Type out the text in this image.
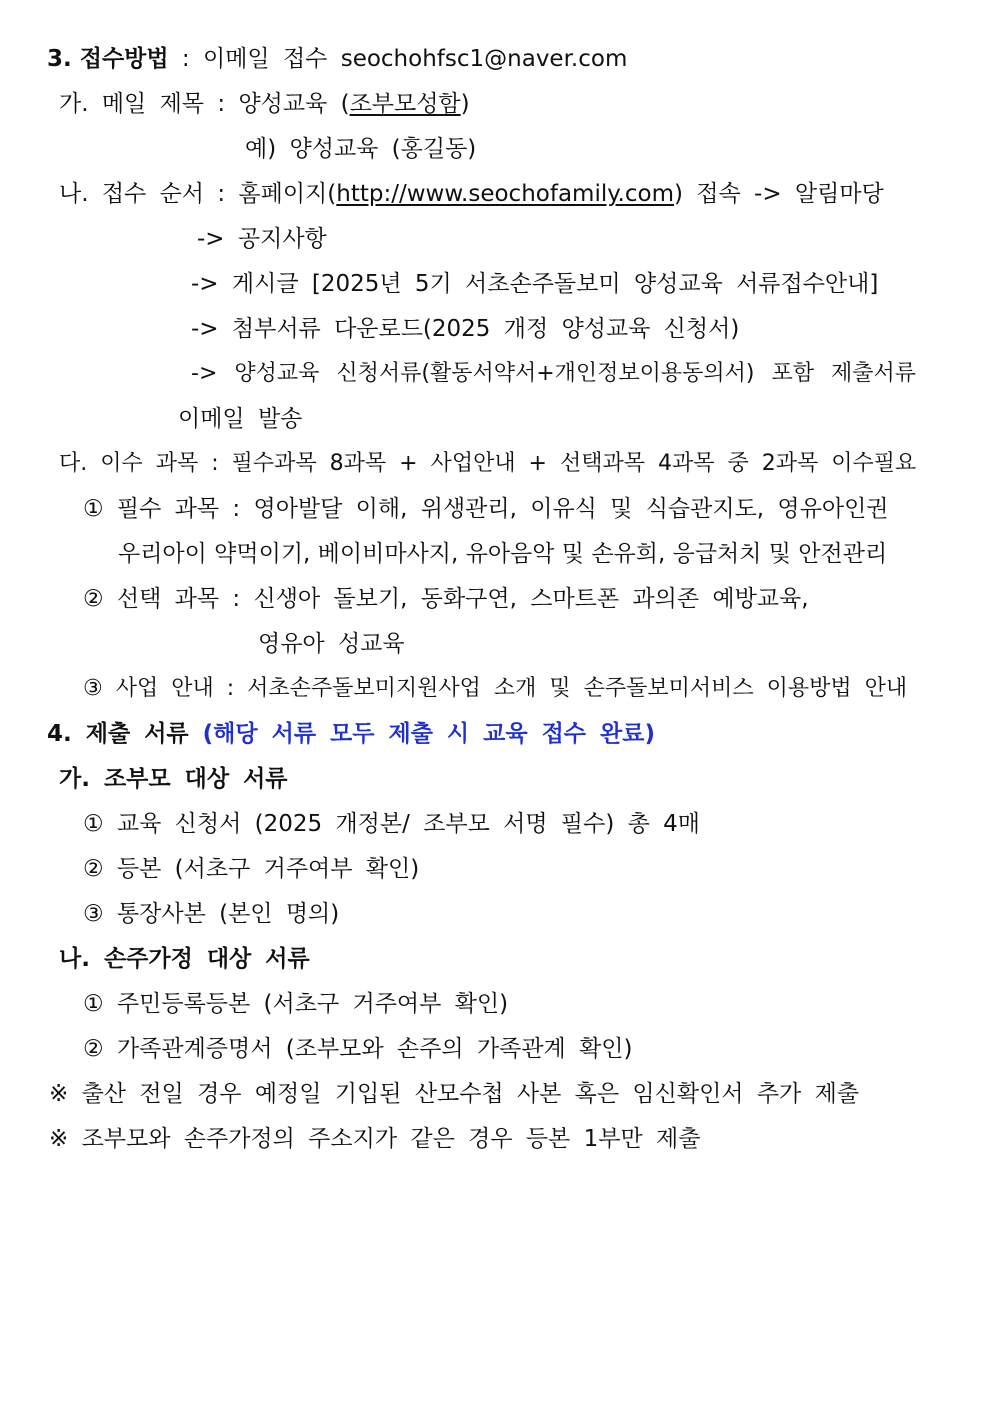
3. 접수방법 : 이메일 접수 seochohfsc1@naver.com
가. 메일 제목 : 양성교육 (조부모성함)
예) 양성교육 (홍길동)
나. 접수 순서 : 홈페이지(http://www.seochofamily.com) 접속 -> 알림마당
-> 공지사항
-> 게시글 [2025년 5기 서초손주돌보미 양성교육 서류접수안내]
-> 첨부서류 다운로드(2025 개정 양성교육 신청서)
-> 양성교육 신청서류(활동서약서+개인정보이용동의서) 포함 제출서류
이메일 발송
다. 이수 과목 : 필수과목 8과목 + 사업안내 + 선택과목 4과목 중 2과목 이수필요
① 필수 과목 : 영아발달 이해, 위생관리, 이유식 및 식습관지도, 영유아인권
우리아이 약먹이기, 베이비마사지, 유아음악 및 손유희, 응급처치 및 안전관리
② 선택 과목 : 신생아 돌보기, 동화구연, 스마트폰 과의존 예방교육,
영유아 성교육
③ 사업 안내 : 서초손주돌보미지원사업 소개 및 손주돌보미서비스 이용방법 안내
4. 제출 서류 (해당 서류 모두 제출 시 교육 접수 완료)
가. 조부모 대상 서류
① 교육 신청서 (2025 개정본/ 조부모 서명 필수) 총 4매
② 등본 (서초구 거주여부 확인)
③ 통장사본 (본인 명의)
나. 손주가정 대상 서류
① 주민등록등본 (서초구 거주여부 확인)
② 가족관계증명서 (조부모와 손주의 가족관계 확인)
※ 출산 전일 경우 예정일 기입된 산모수첩 사본 혹은 임신확인서 추가 제출
※ 조부모와 손주가정의 주소지가 같은 경우 등본 1부만 제출
